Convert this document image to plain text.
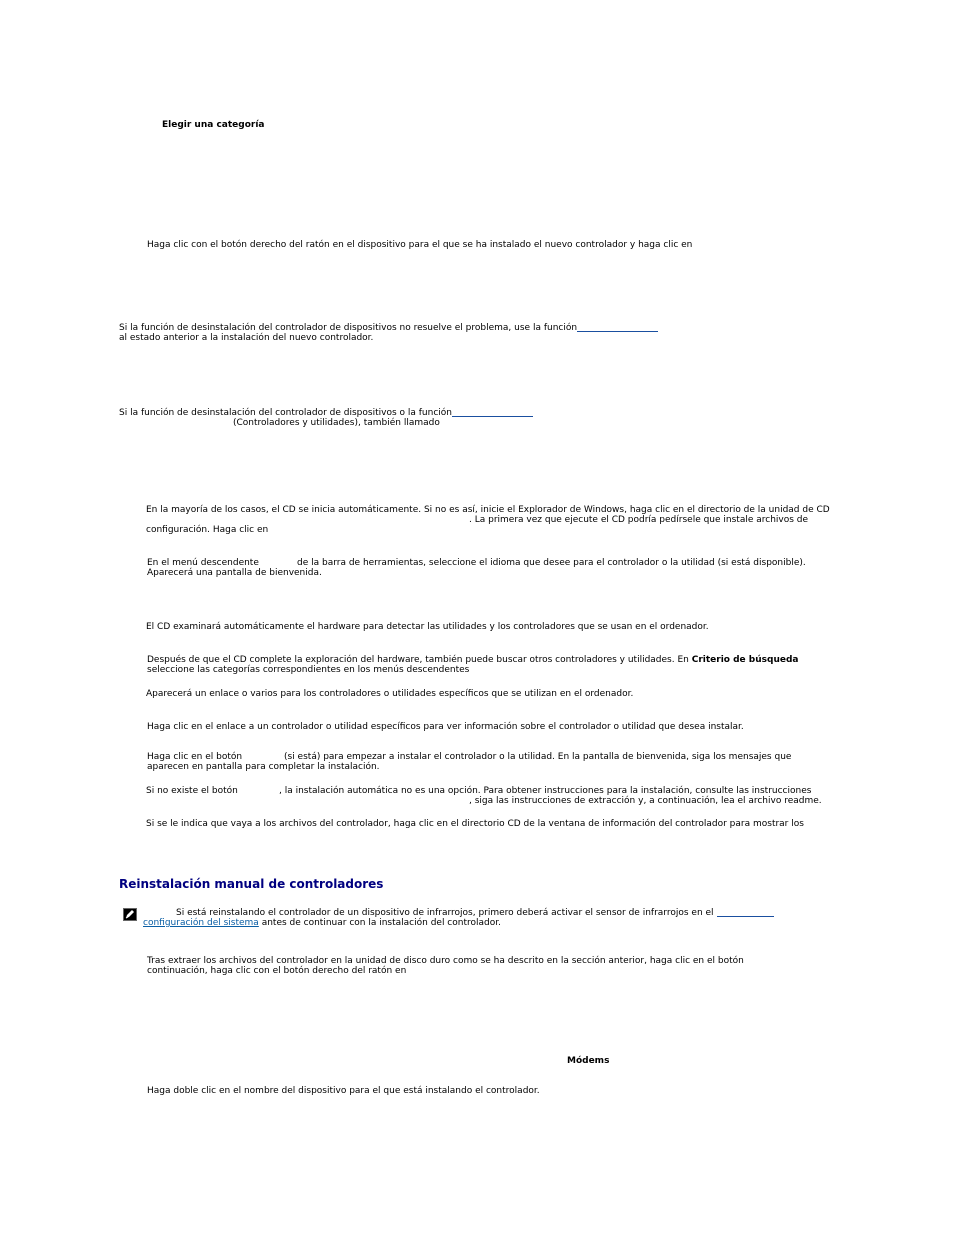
Elegir una categoría

Haga clic con el botón derecho del ratón en el dispositivo para el que se ha instalado el nuevo controlador y haga clic en

Si la función de desinstalación del controlador de dispositivos no resuelve el problema, use la función

al estado anterior a la instalación del nuevo controlador.

Si la función de desinstalación del controlador de dispositivos o la función

(Controladores y utilidades), también llamado

En la mayoría de los casos, el CD se inicia automáticamente. Si no es así, inicie el Explorador de Windows, haga clic en el directorio de la unidad de CD

. La primera vez que ejecute el CD podría pedírsele que instale archivos de

configuración. Haga clic en

En el menú descendente	de la barra de herramientas, seleccione el idioma que desee para el controlador o la utilidad (si está disponible).

Aparecerá una pantalla de bienvenida.

El CD examinará automáticamente el hardware para detectar las utilidades y los controladores que se usan en el ordenador.

Después de que el CD complete la exploración del hardware, también puede buscar otros controladores y utilidades. En Criterio de búsqueda

seleccione las categorías correspondientes en los menús descendentes

Aparecerá un enlace o varios para los controladores o utilidades específicos que se utilizan en el ordenador.

Haga clic en el enlace a un controlador o utilidad específicos para ver información sobre el controlador o utilidad que desea instalar.

Haga clic en el botón	(si está) para empezar a instalar el controlador o la utilidad. En la pantalla de bienvenida, siga los mensajes que

aparecen en pantalla para completar la instalación.

Si no existe el botón	, la instalación automática no es una opción. Para obtener instrucciones para la instalación, consulte las instrucciones

, siga las instrucciones de extracción y, a continuación, lea el archivo readme.

Si se le indica que vaya a los archivos del controlador, haga clic en el directorio CD de la ventana de información del controlador para mostrar los

Reinstalación manual de controladores

Si está reinstalando el controlador de un dispositivo de infrarrojos, primero deberá activar el sensor de infrarrojos en el

configuración del sistema antes de continuar con la instalación del controlador.

Tras extraer los archivos del controlador en la unidad de disco duro como se ha descrito en la sección anterior, haga clic en el botón

continuación, haga clic con el botón derecho del ratón en

Módems

Haga doble clic en el nombre del dispositivo para el que está instalando el controlador.
